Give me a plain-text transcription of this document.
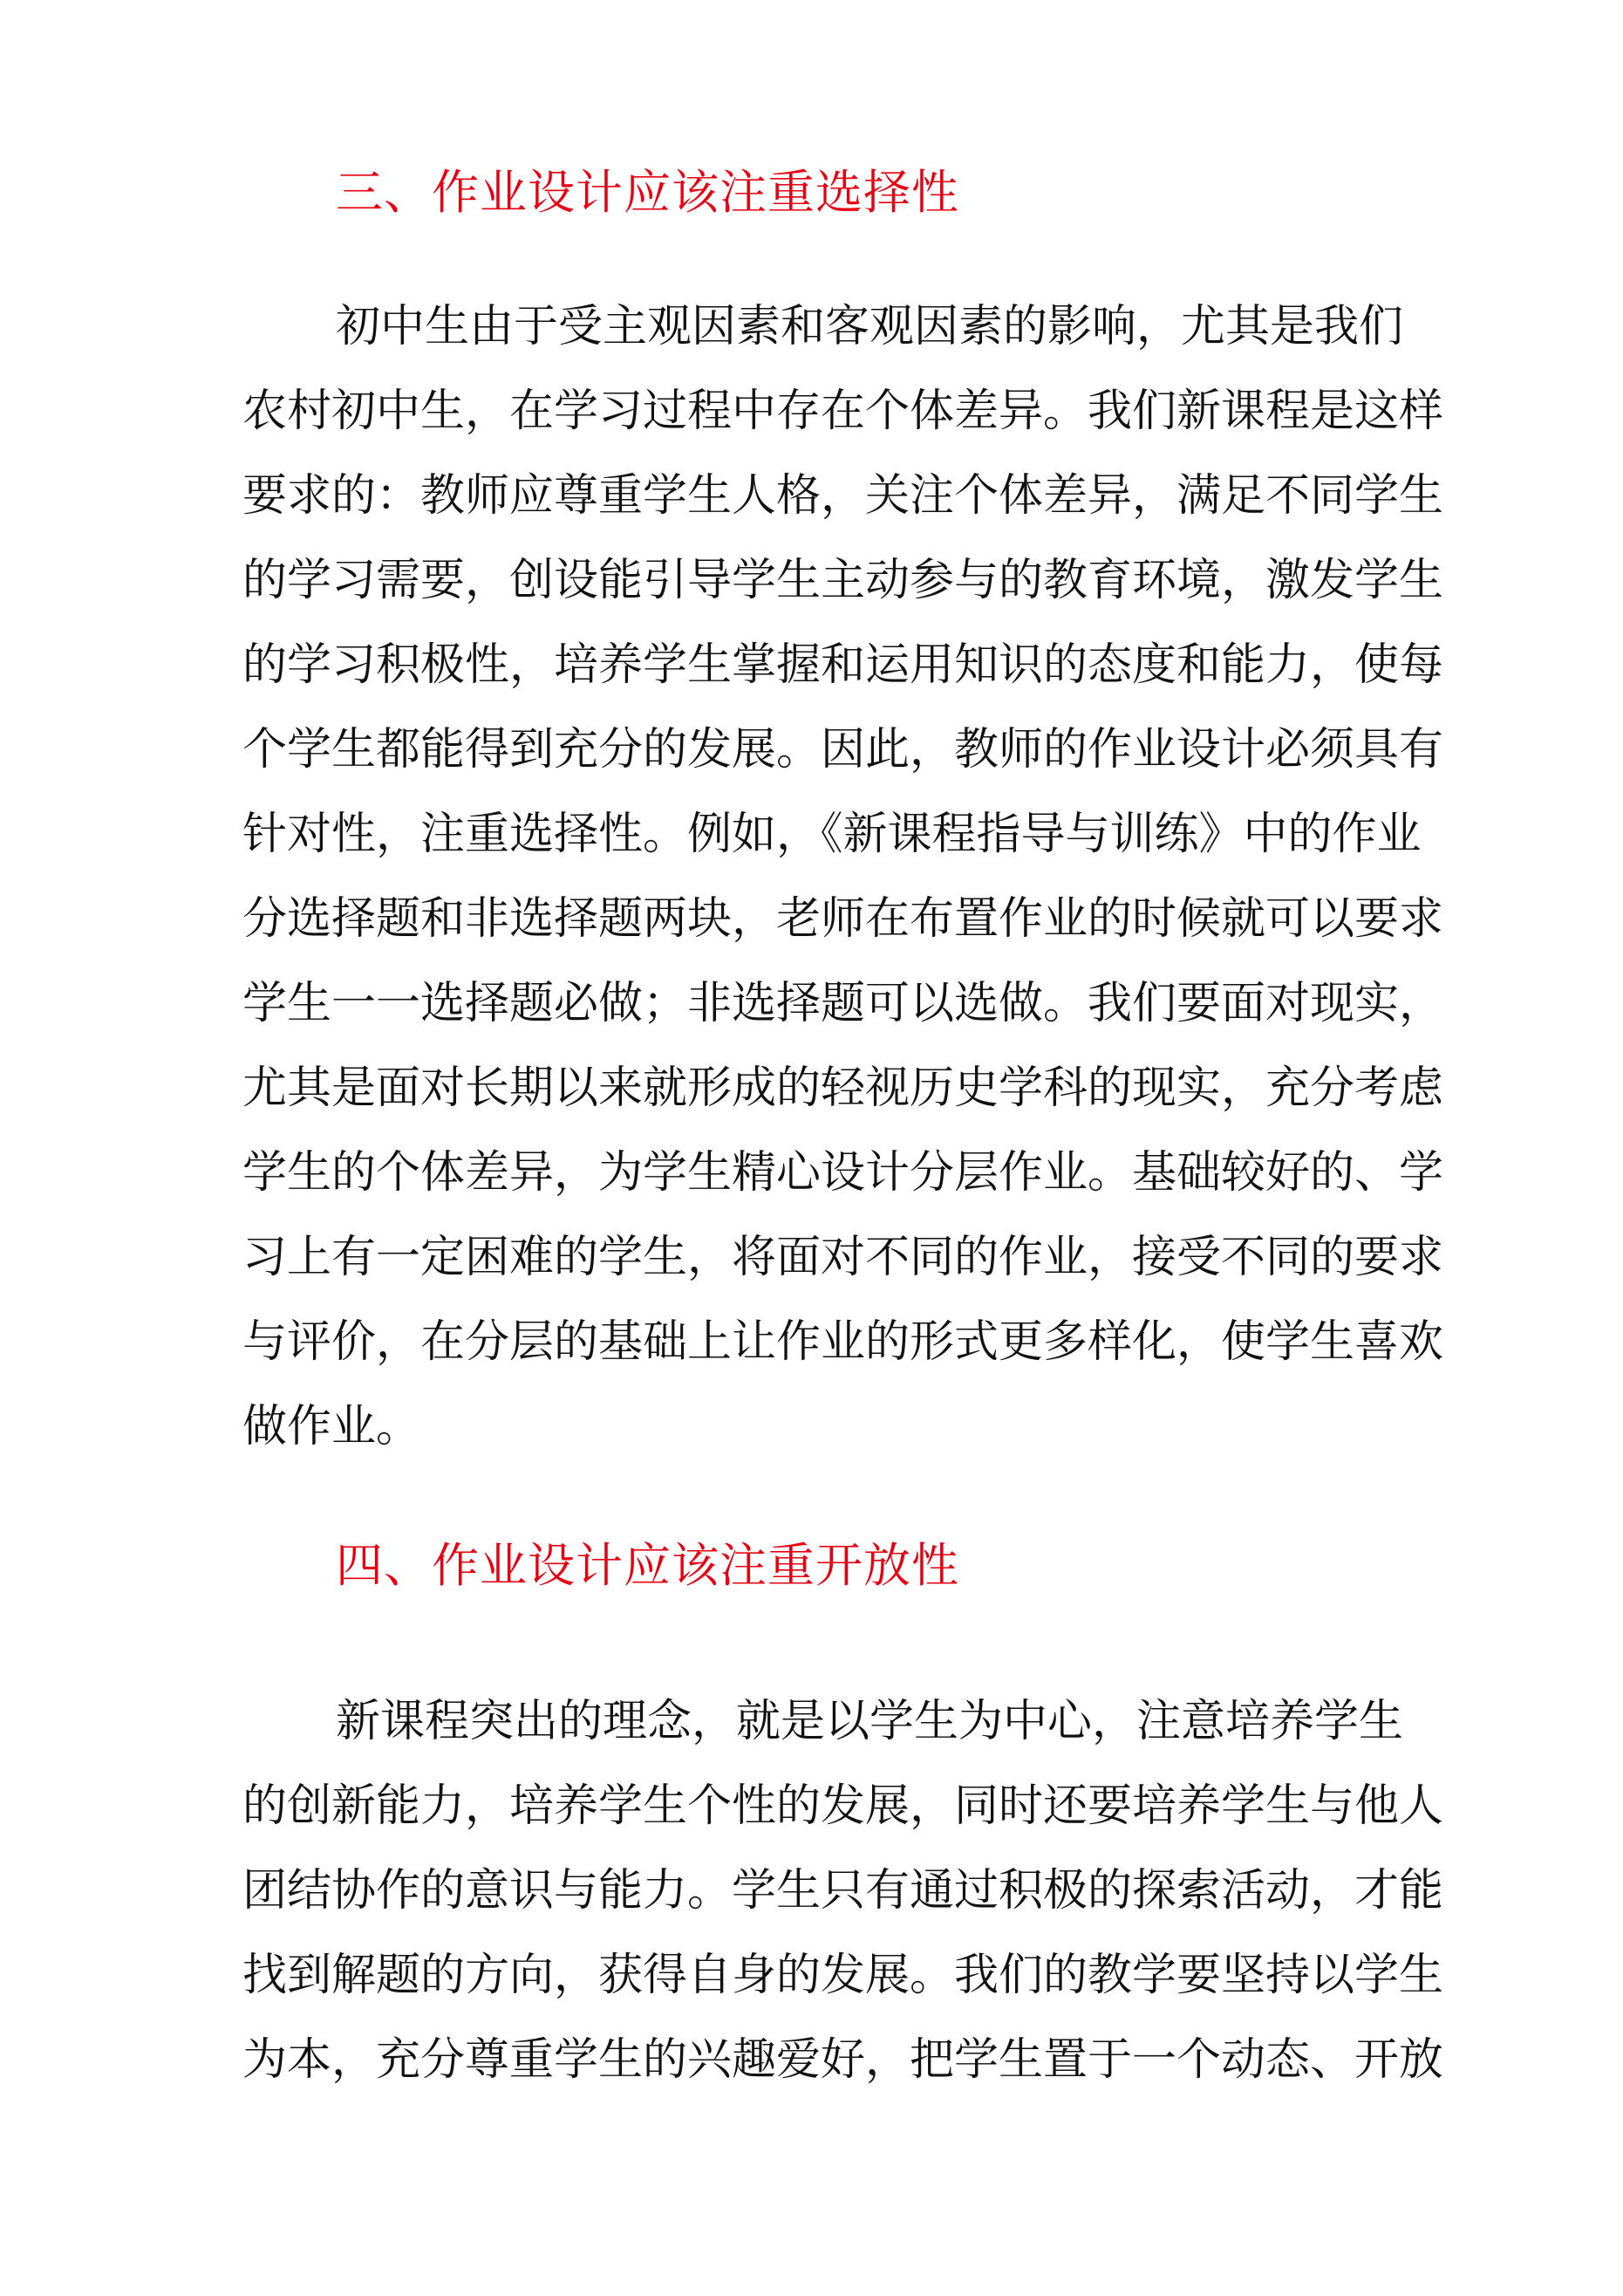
三、作业设计应该注重选择性
初中生由于受主观因素和客观因素的影响，尤其是我们
农村初中生，在学习过程中存在个体差异。我们新课程是这样
要求的：教师应尊重学生人格，关注个体差异，满足不同学生
的学习需要，创设能引导学生主动参与的教育环境，激发学生
的学习积极性，培养学生掌握和运用知识的态度和能力，使每
个学生都能得到充分的发展。因此，教师的作业设计必须具有
针对性，注重选择性。例如，《新课程指导与训练》中的作业
分选择题和非选择题两块，老师在布置作业的时候就可以要求
学生一一选择题必做；非选择题可以选做。我们要面对现实，
尤其是面对长期以来就形成的轻视历史学科的现实，充分考虑
学生的个体差异，为学生精心设计分层作业。基础较好的、学
习上有一定困难的学生，将面对不同的作业，接受不同的要求
与评价，在分层的基础上让作业的形式更多样化，使学生喜欢
做作业。
四、作业设计应该注重开放性
新课程突出的理念，就是以学生为中心，注意培养学生
的创新能力，培养学生个性的发展，同时还要培养学生与他人
团结协作的意识与能力。学生只有通过积极的探索活动，才能
找到解题的方向，获得自身的发展。我们的教学要坚持以学生
为本，充分尊重学生的兴趣爱好，把学生置于一个动态、开放
